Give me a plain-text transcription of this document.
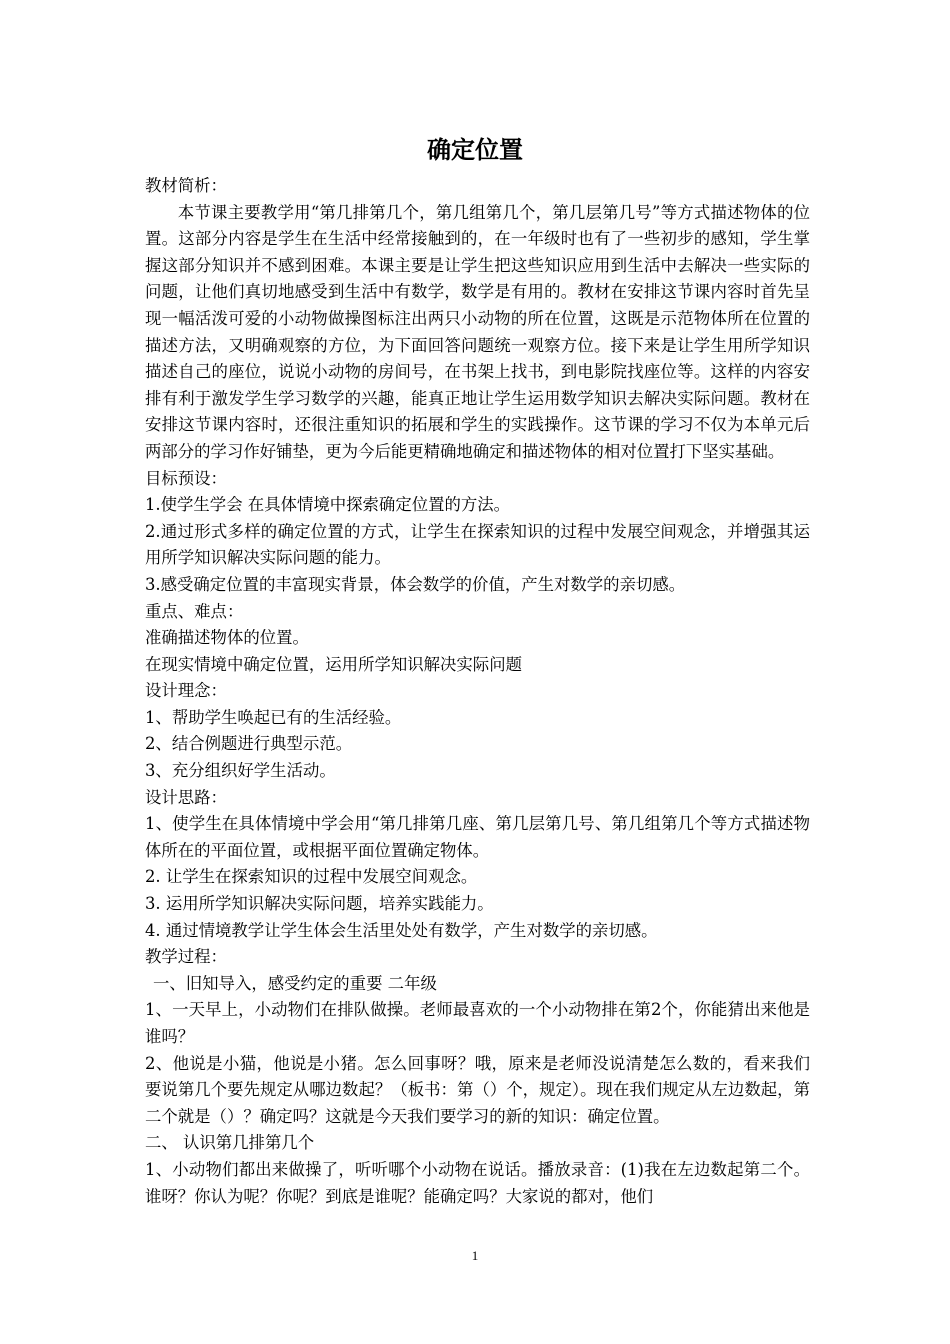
确定位置

教材简析：

本节课主要教学用“第几排第几个，第几组第几个，第几层第几号”等方式描述物体的位置。这部分内容是学生在生活中经常接触到的，在一年级时也有了一些初步的感知，学生掌握这部分知识并不感到困难。本课主要是让学生把这些知识应用到生活中去解决一些实际的问题，让他们真切地感受到生活中有数学，数学是有用的。教材在安排这节课内容时首先呈现一幅活泼可爱的小动物做操图标注出两只小动物的所在位置，这既是示范物体所在位置的描述方法，又明确观察的方位，为下面回答问题统一观察方位。接下来是让学生用所学知识描述自己的座位，说说小动物的房间号，在书架上找书，到电影院找座位等。这样的内容安排有利于激发学生学习数学的兴趣，能真正地让学生运用数学知识去解决实际问题。教材在安排这节课内容时，还很注重知识的拓展和学生的实践操作。这节课的学习不仅为本单元后两部分的学习作好铺垫，更为今后能更精确地确定和描述物体的相对位置打下坚实基础。

目标预设：

1.使学生学会 在具体情境中探索确定位置的方法。

2.通过形式多样的确定位置的方式，让学生在探索知识的过程中发展空间观念，并增强其运用所学知识解决实际问题的能力。

3.感受确定位置的丰富现实背景，体会数学的价值，产生对数学的亲切感。

重点、难点：

准确描述物体的位置。

在现实情境中确定位置，运用所学知识解决实际问题

设计理念：

1、帮助学生唤起已有的生活经验。

2、结合例题进行典型示范。

3、充分组织好学生活动。

设计思路：

1、使学生在具体情境中学会用“第几排第几座、第几层第几号、第几组第几个等方式描述物体所在的平面位置，或根据平面位置确定物体。

2. 让学生在探索知识的过程中发展空间观念。

3. 运用所学知识解决实际问题，培养实践能力。

4. 通过情境教学让学生体会生活里处处有数学，产生对数学的亲切感。

教学过程：

一、旧知导入，感受约定的重要 二年级

1、一天早上，小动物们在排队做操。老师最喜欢的一个小动物排在第2个，你能猜出来他是谁吗？

2、他说是小猫，他说是小猪。怎么回事呀？哦，原来是老师没说清楚怎么数的，看来我们要说第几个要先规定从哪边数起？（板书：第（）个，规定）。现在我们规定从左边数起，第二个就是（）？确定吗？这就是今天我们要学习的新的知识：确定位置。

二、 认识第几排第几个

1、小动物们都出来做操了，听听哪个小动物在说话。播放录音：(1)我在左边数起第二个。谁呀？你认为呢？你呢？到底是谁呢？能确定吗？大家说的都对，他们

1
